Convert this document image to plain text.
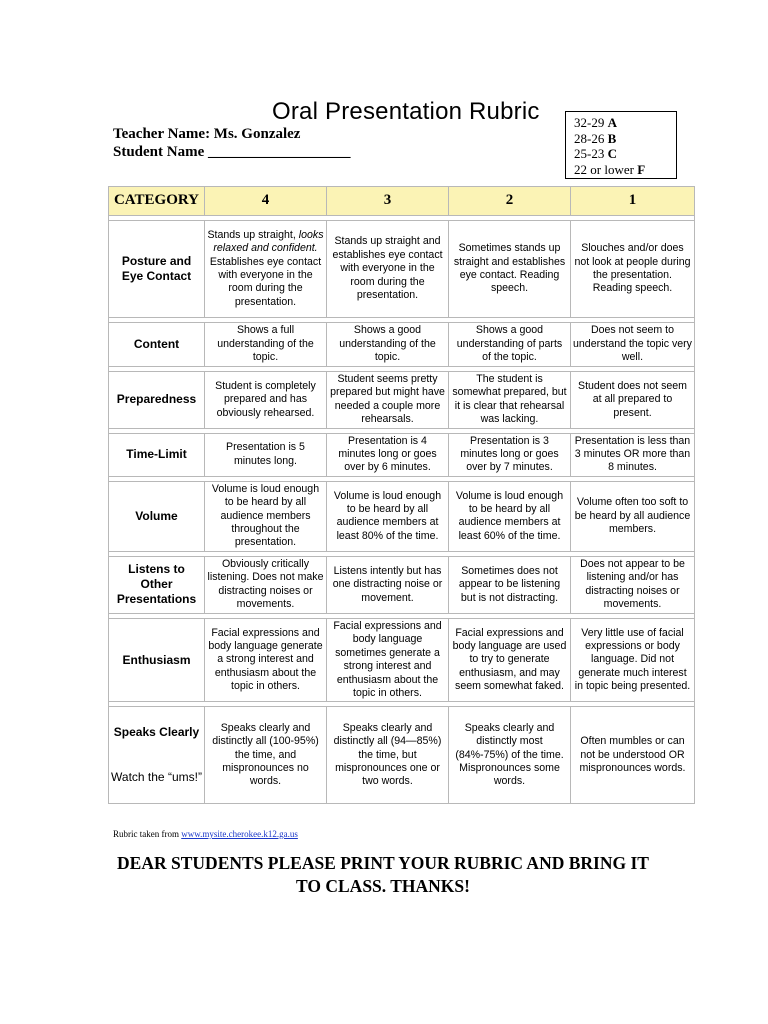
Oral Presentation Rubric
Teacher Name: Ms. Gonzalez
Student Name ___________________
32-29 A
28-26 B
25-23 C
22 or lower F
CATEGORY	4	3	2	1

Posture and Eye Contact	Stands up straight, looks relaxed and confident. Establishes eye contact with everyone in the room during the presentation.	Stands up straight and establishes eye contact with everyone in the room during the presentation.	Sometimes stands up straight and establishes eye contact. Reading speech.	Slouches and/or does not look at people during the presentation. Reading speech.

Content	Shows a full understanding of the topic.	Shows a good understanding of the topic.	Shows a good understanding of parts of the topic.	Does not seem to understand the topic very well.

Preparedness	Student is completely prepared and has obviously rehearsed.	Student seems pretty prepared but might have needed a couple more rehearsals.	The student is somewhat prepared, but it is clear that rehearsal was lacking.	Student does not seem at all prepared to present.

Time-Limit	Presentation is 5 minutes long.	Presentation is 4 minutes long or goes over by 6 minutes.	Presentation is 3 minutes long or goes over by 7 minutes.	Presentation is less than 3 minutes OR more than 8 minutes.

Volume	Volume is loud enough to be heard by all audience members throughout the presentation.	Volume is loud enough to be heard by all audience members at least 80% of the time.	Volume is loud enough to be heard by all audience members at least 60% of the time.	Volume often too soft to be heard by all audience members.

Listens to Other Presentations	Obviously critically listening. Does not make distracting noises or movements.	Listens intently but has one distracting noise or movement.	Sometimes does not appear to be listening but is not distracting.	Does not appear to be listening and/or has distracting noises or movements.

Enthusiasm	Facial expressions and body language generate a strong interest and enthusiasm about the topic in others.	Facial expressions and body language sometimes generate a strong interest and enthusiasm about the topic in others.	Facial expressions and body language are used to try to generate enthusiasm, and may seem somewhat faked.	Very little use of facial expressions or body language. Did not generate much interest in topic being presented.

Speaks Clearly
Watch the “ums!”	Speaks clearly and distinctly all (100-95%) the time, and mispronounces no words.	Speaks clearly and distinctly all (94—85%) the time, but mispronounces one or two words.	Speaks clearly and distinctly most (84%-75%) of the time. Mispronounces some words.	Often mumbles or can not be understood OR mispronounces words.
Rubric taken from www.mysite.cherokee.k12.ga.us
DEAR STUDENTS PLEASE PRINT YOUR RUBRIC AND BRING IT TO CLASS. THANKS!
